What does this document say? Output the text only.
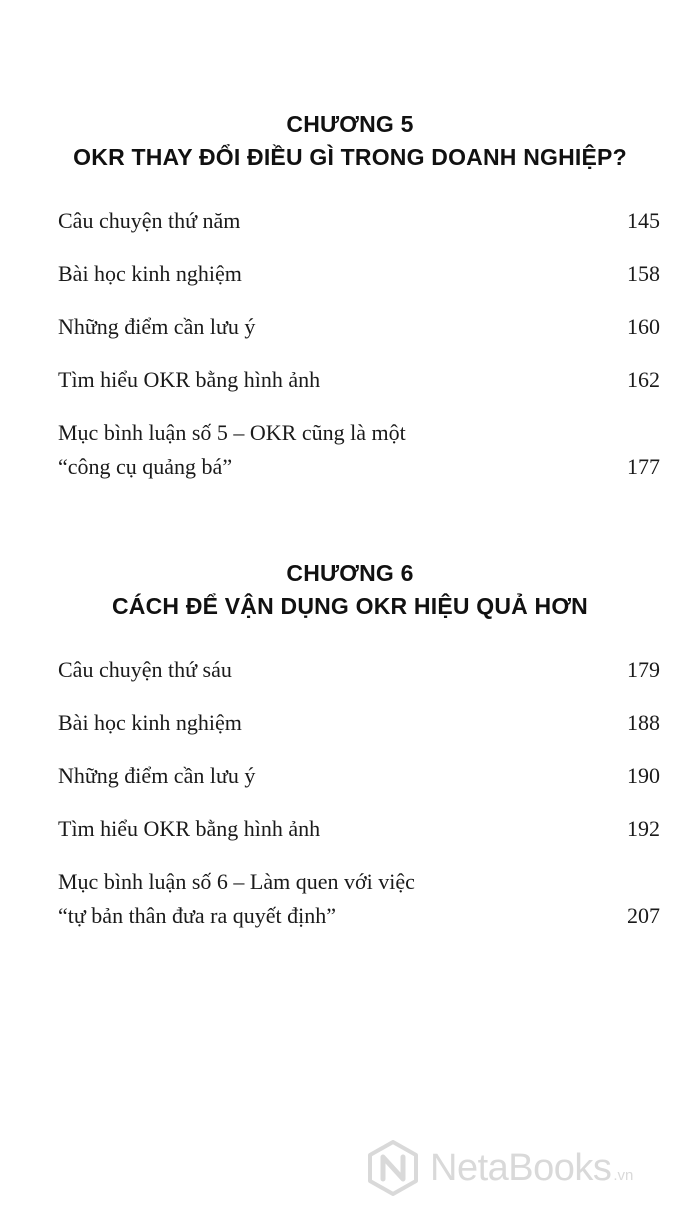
CHƯƠNG 5
OKR THAY ĐỔI ĐIỀU GÌ TRONG DOANH NGHIỆP?
Câu chuyện thứ năm	145
Bài học kinh nghiệm	158
Những điểm cần lưu ý	160
Tìm hiểu OKR bằng hình ảnh	162
Mục bình luận số 5 – OKR cũng là một
“công cụ quảng bá”	177
CHƯƠNG 6
CÁCH ĐỂ VẬN DỤNG OKR HIỆU QUẢ HƠN
Câu chuyện thứ sáu	179
Bài học kinh nghiệm	188
Những điểm cần lưu ý	190
Tìm hiểu OKR bằng hình ảnh	192
Mục bình luận số 6 – Làm quen với việc
“tự bản thân đưa ra quyết định”	207
NetaBooks .vn
